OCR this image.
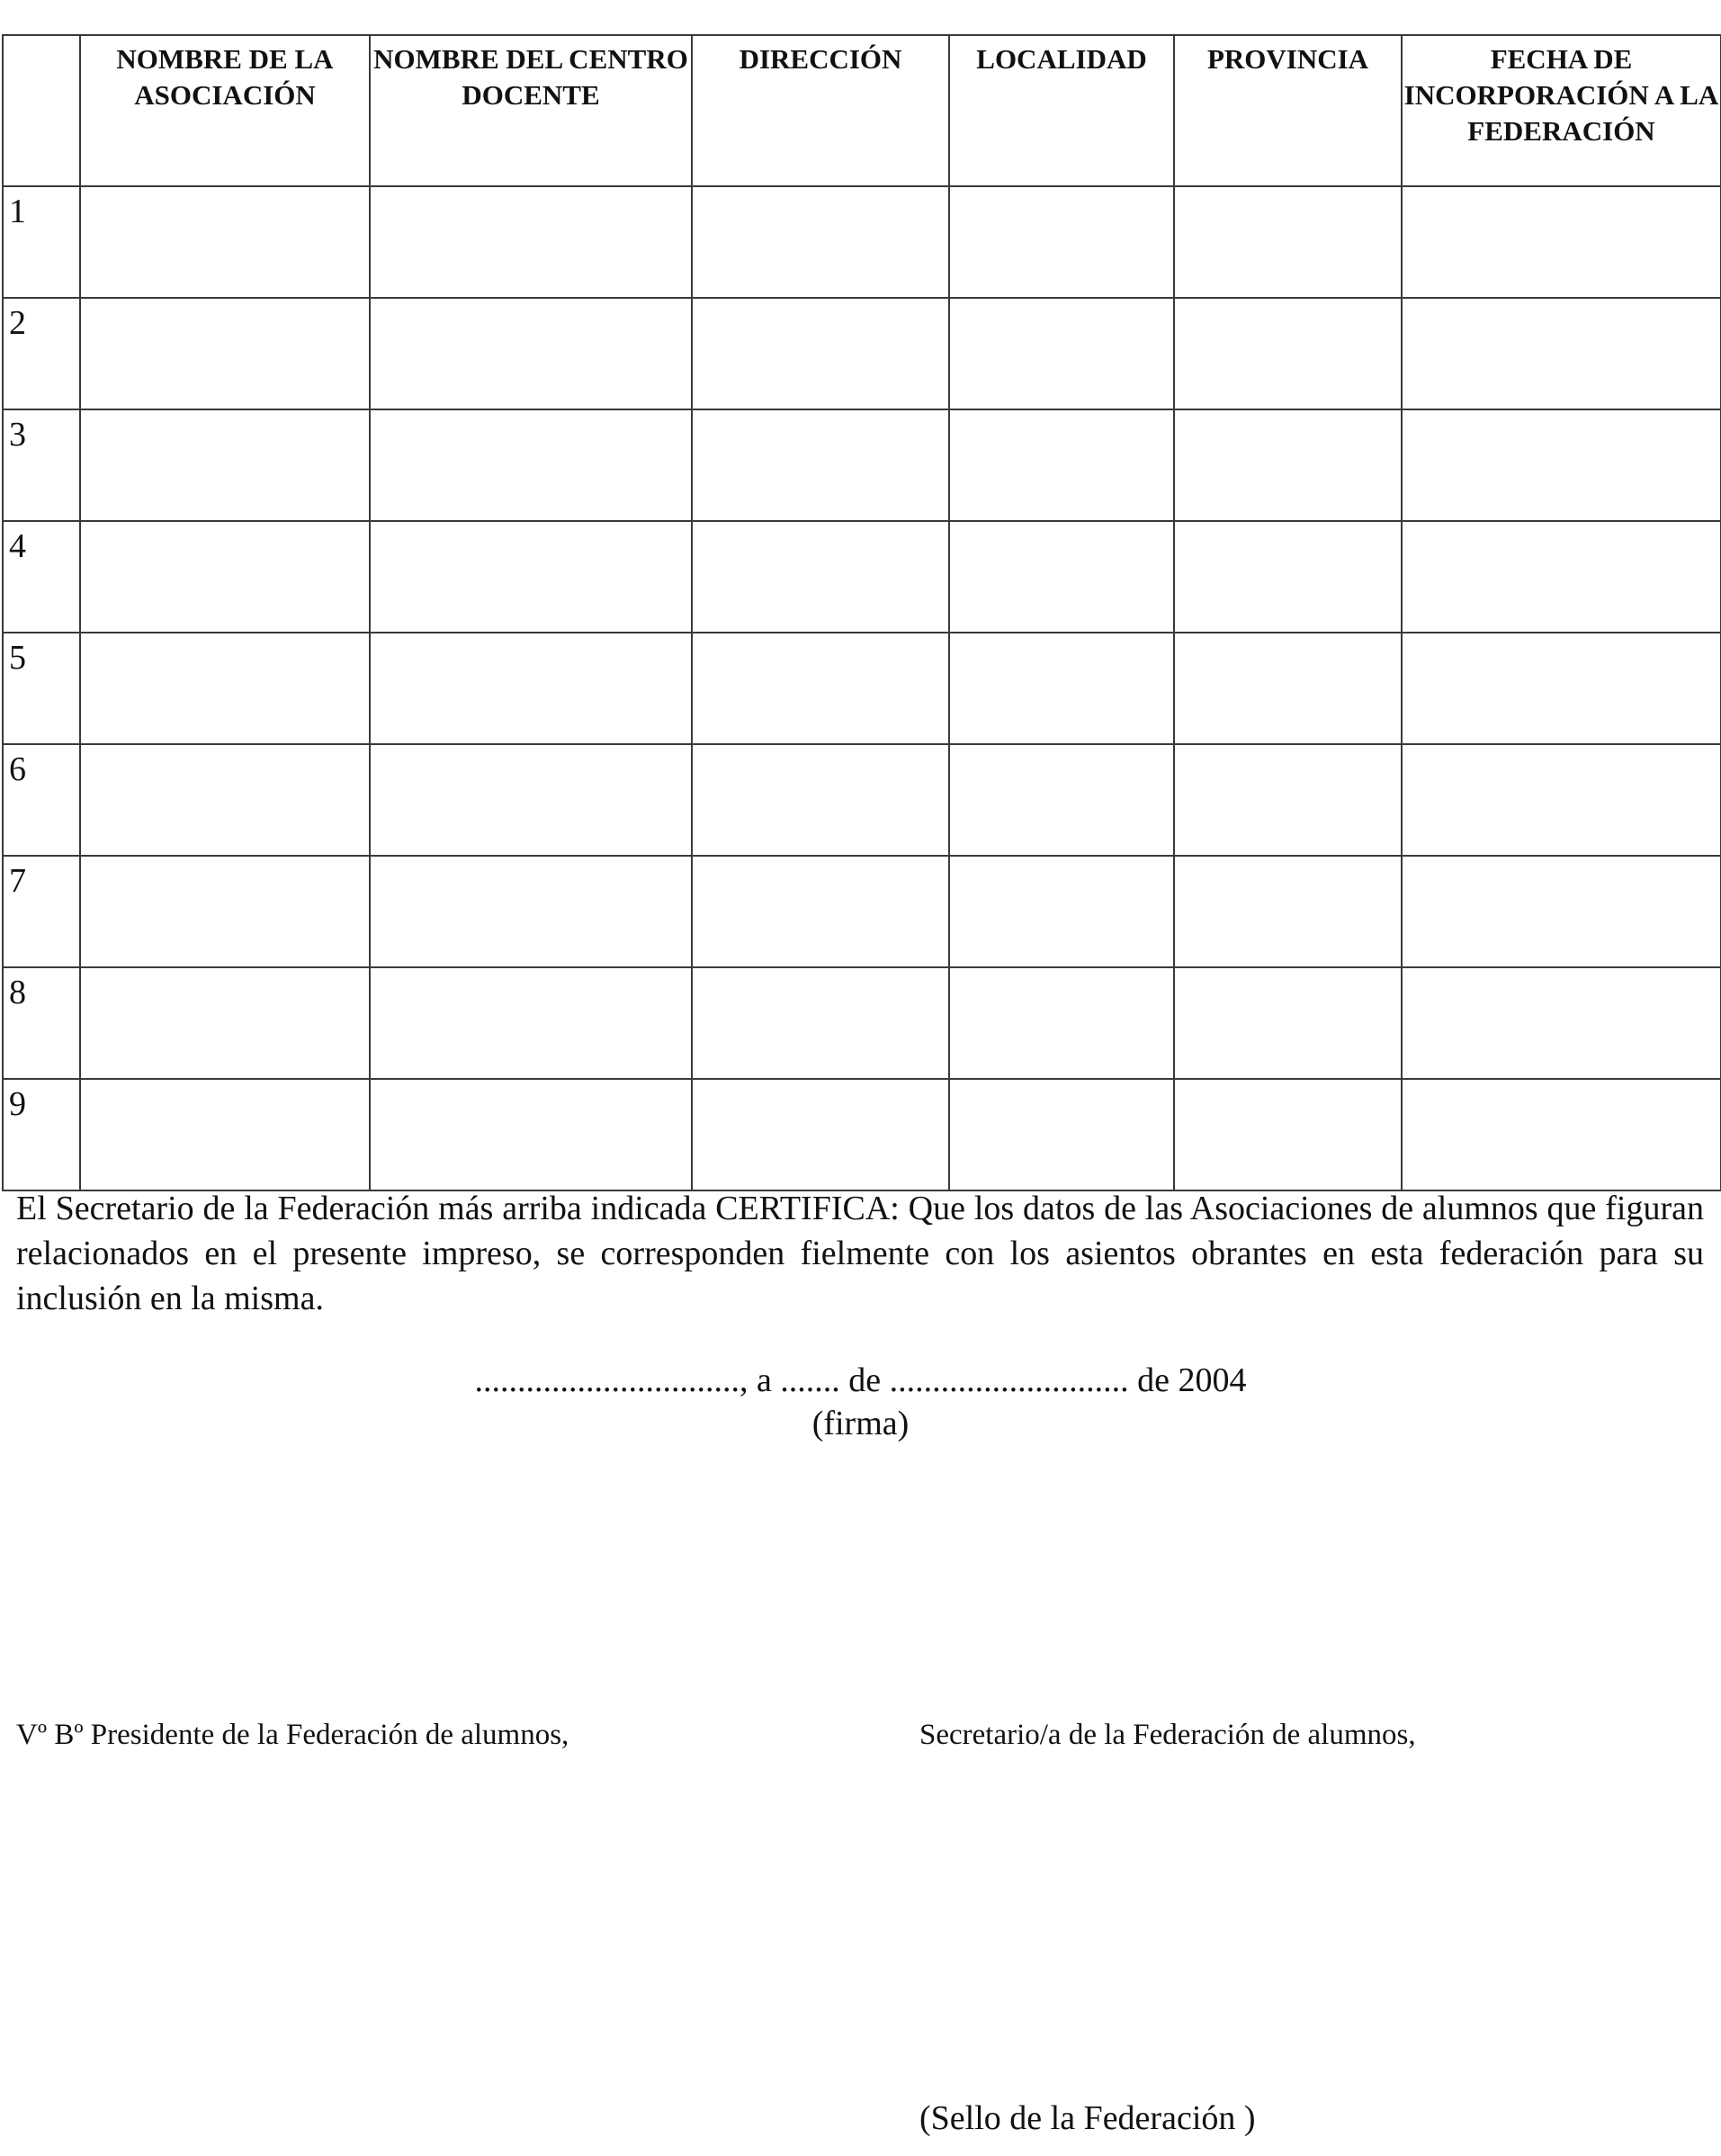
	NOMBRE DE LA ASOCIACIÓN	NOMBRE DEL CENTRO DOCENTE	DIRECCIÓN	LOCALIDAD	PROVINCIA	FECHA DE INCORPORACIÓN A LA FEDERACIÓN
1						
2						
3						
4						
5						
6						
7						
8						
9						
El Secretario de la Federación más arriba indicada CERTIFICA: Que los datos de las Asociaciones de alumnos que figuran relacionados en el presente impreso, se corresponden fielmente con los asientos obrantes en esta federación para su inclusión en la misma.
..............................., a ....... de ............................ de 2004
(firma)
Vº Bº Presidente de la Federación de alumnos,	Secretario/a de la Federación de alumnos,
(Sello de la Federación )
